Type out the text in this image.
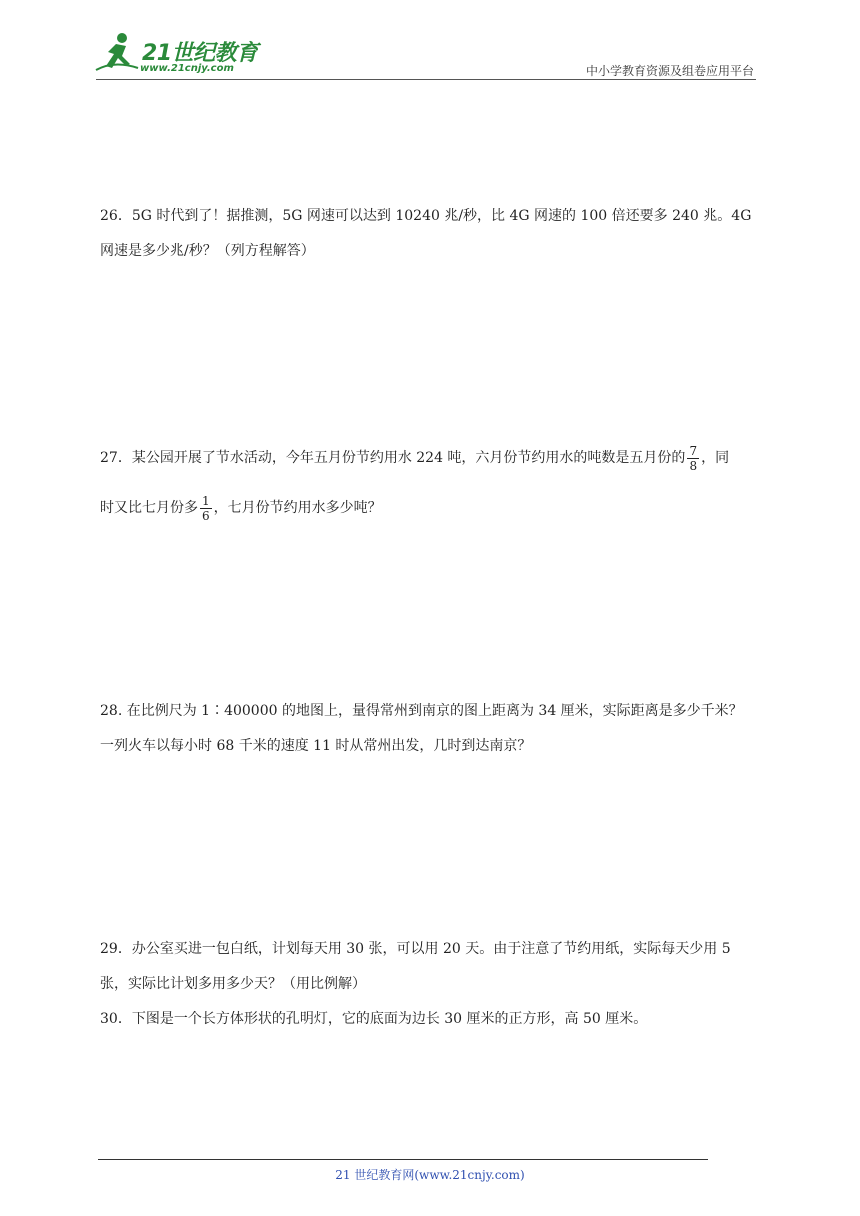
21世纪教育
www.21cnjy.com	中小学教育资源及组卷应用平台
26．5G 时代到了！据推测，5G 网速可以达到 10240 兆/秒，比 4G 网速的 100 倍还要多 240 兆。4G
网速是多少兆/秒？（列方程解答）
27．某公园开展了节水活动，今年五月份节约用水 224 吨，六月份节约用水的吨数是五月份的 $\frac{7}{8}$ ，同
时又比七月份多 $\frac{1}{6}$ ，七月份节约用水多少吨？
28. 在比例尺为 1∶400000 的地图上，量得常州到南京的图上距离为 34 厘米，实际距离是多少千米？
一列火车以每小时 68 千米的速度 11 时从常州出发，几时到达南京？
29．办公室买进一包白纸，计划每天用 30 张，可以用 20 天。由于注意了节约用纸，实际每天少用 5
张，实际比计划多用多少天？（用比例解）
30．下图是一个长方体形状的孔明灯，它的底面为边长 30 厘米的正方形，高 50 厘米。
21 世纪教育网(www.21cnjy.com)
